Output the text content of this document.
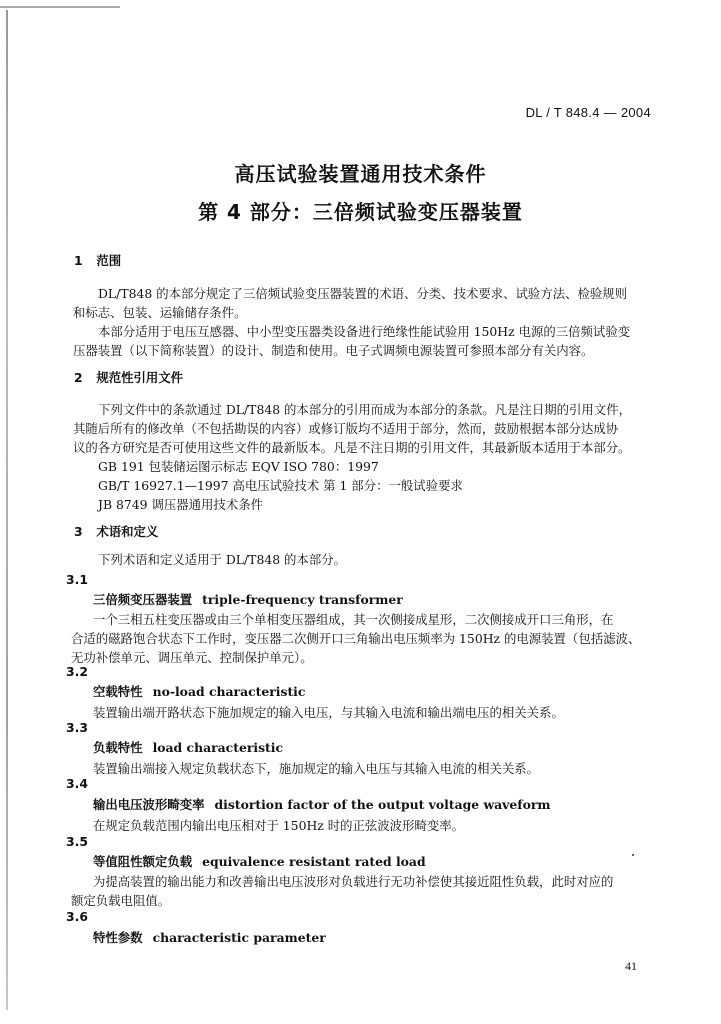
DL / T 848.4 — 2004
高压试验装置通用技术条件
第 4 部分：三倍频试验变压器装置
1 范围
DL/T848 的本部分规定了三倍频试验变压器装置的术语、分类、技术要求、试验方法、检验规则
和标志、包装、运输储存条件。
本部分适用于电压互感器、中小型变压器类设备进行绝缘性能试验用 150Hz 电源的三倍频试验变
压器装置（以下简称装置）的设计、制造和使用。电子式调频电源装置可参照本部分有关内容。
2 规范性引用文件
下列文件中的条款通过 DL/T848 的本部分的引用而成为本部分的条款。凡是注日期的引用文件，
其随后所有的修改单（不包括勘误的内容）或修订版均不适用于部分，然而，鼓励根据本部分达成协
议的各方研究是否可使用这些文件的最新版本。凡是不注日期的引用文件，其最新版本适用于本部分。
GB 191 包装储运图示标志 EQV ISO 780：1997
GB/T 16927.1—1997 高电压试验技术 第 1 部分：一般试验要求
JB 8749 调压器通用技术条件
3 术语和定义
下列术语和定义适用于 DL/T848 的本部分。
3.1
三倍频变压器装置 triple-frequency transformer
一个三相五柱变压器或由三个单相变压器组成，其一次侧接成星形，二次侧接成开口三角形，在
合适的磁路饱合状态下工作时，变压器二次侧开口三角输出电压频率为 150Hz 的电源装置（包括滤波、
无功补偿单元、调压单元、控制保护单元）。
3.2
空载特性 no-load characteristic
装置输出端开路状态下施加规定的输入电压，与其输入电流和输出端电压的相关关系。
3.3
负载特性 load characteristic
装置输出端接入规定负载状态下，施加规定的输入电压与其输入电流的相关关系。
3.4
输出电压波形畸变率 distortion factor of the output voltage waveform
在规定负载范围内输出电压相对于 150Hz 时的正弦波波形畸变率。
3.5
等值阻性额定负载 equivalence resistant rated load
为提高装置的输出能力和改善输出电压波形对负载进行无功补偿使其接近阻性负载，此时对应的
额定负载电阻值。
3.6
特性参数 characteristic parameter
41
